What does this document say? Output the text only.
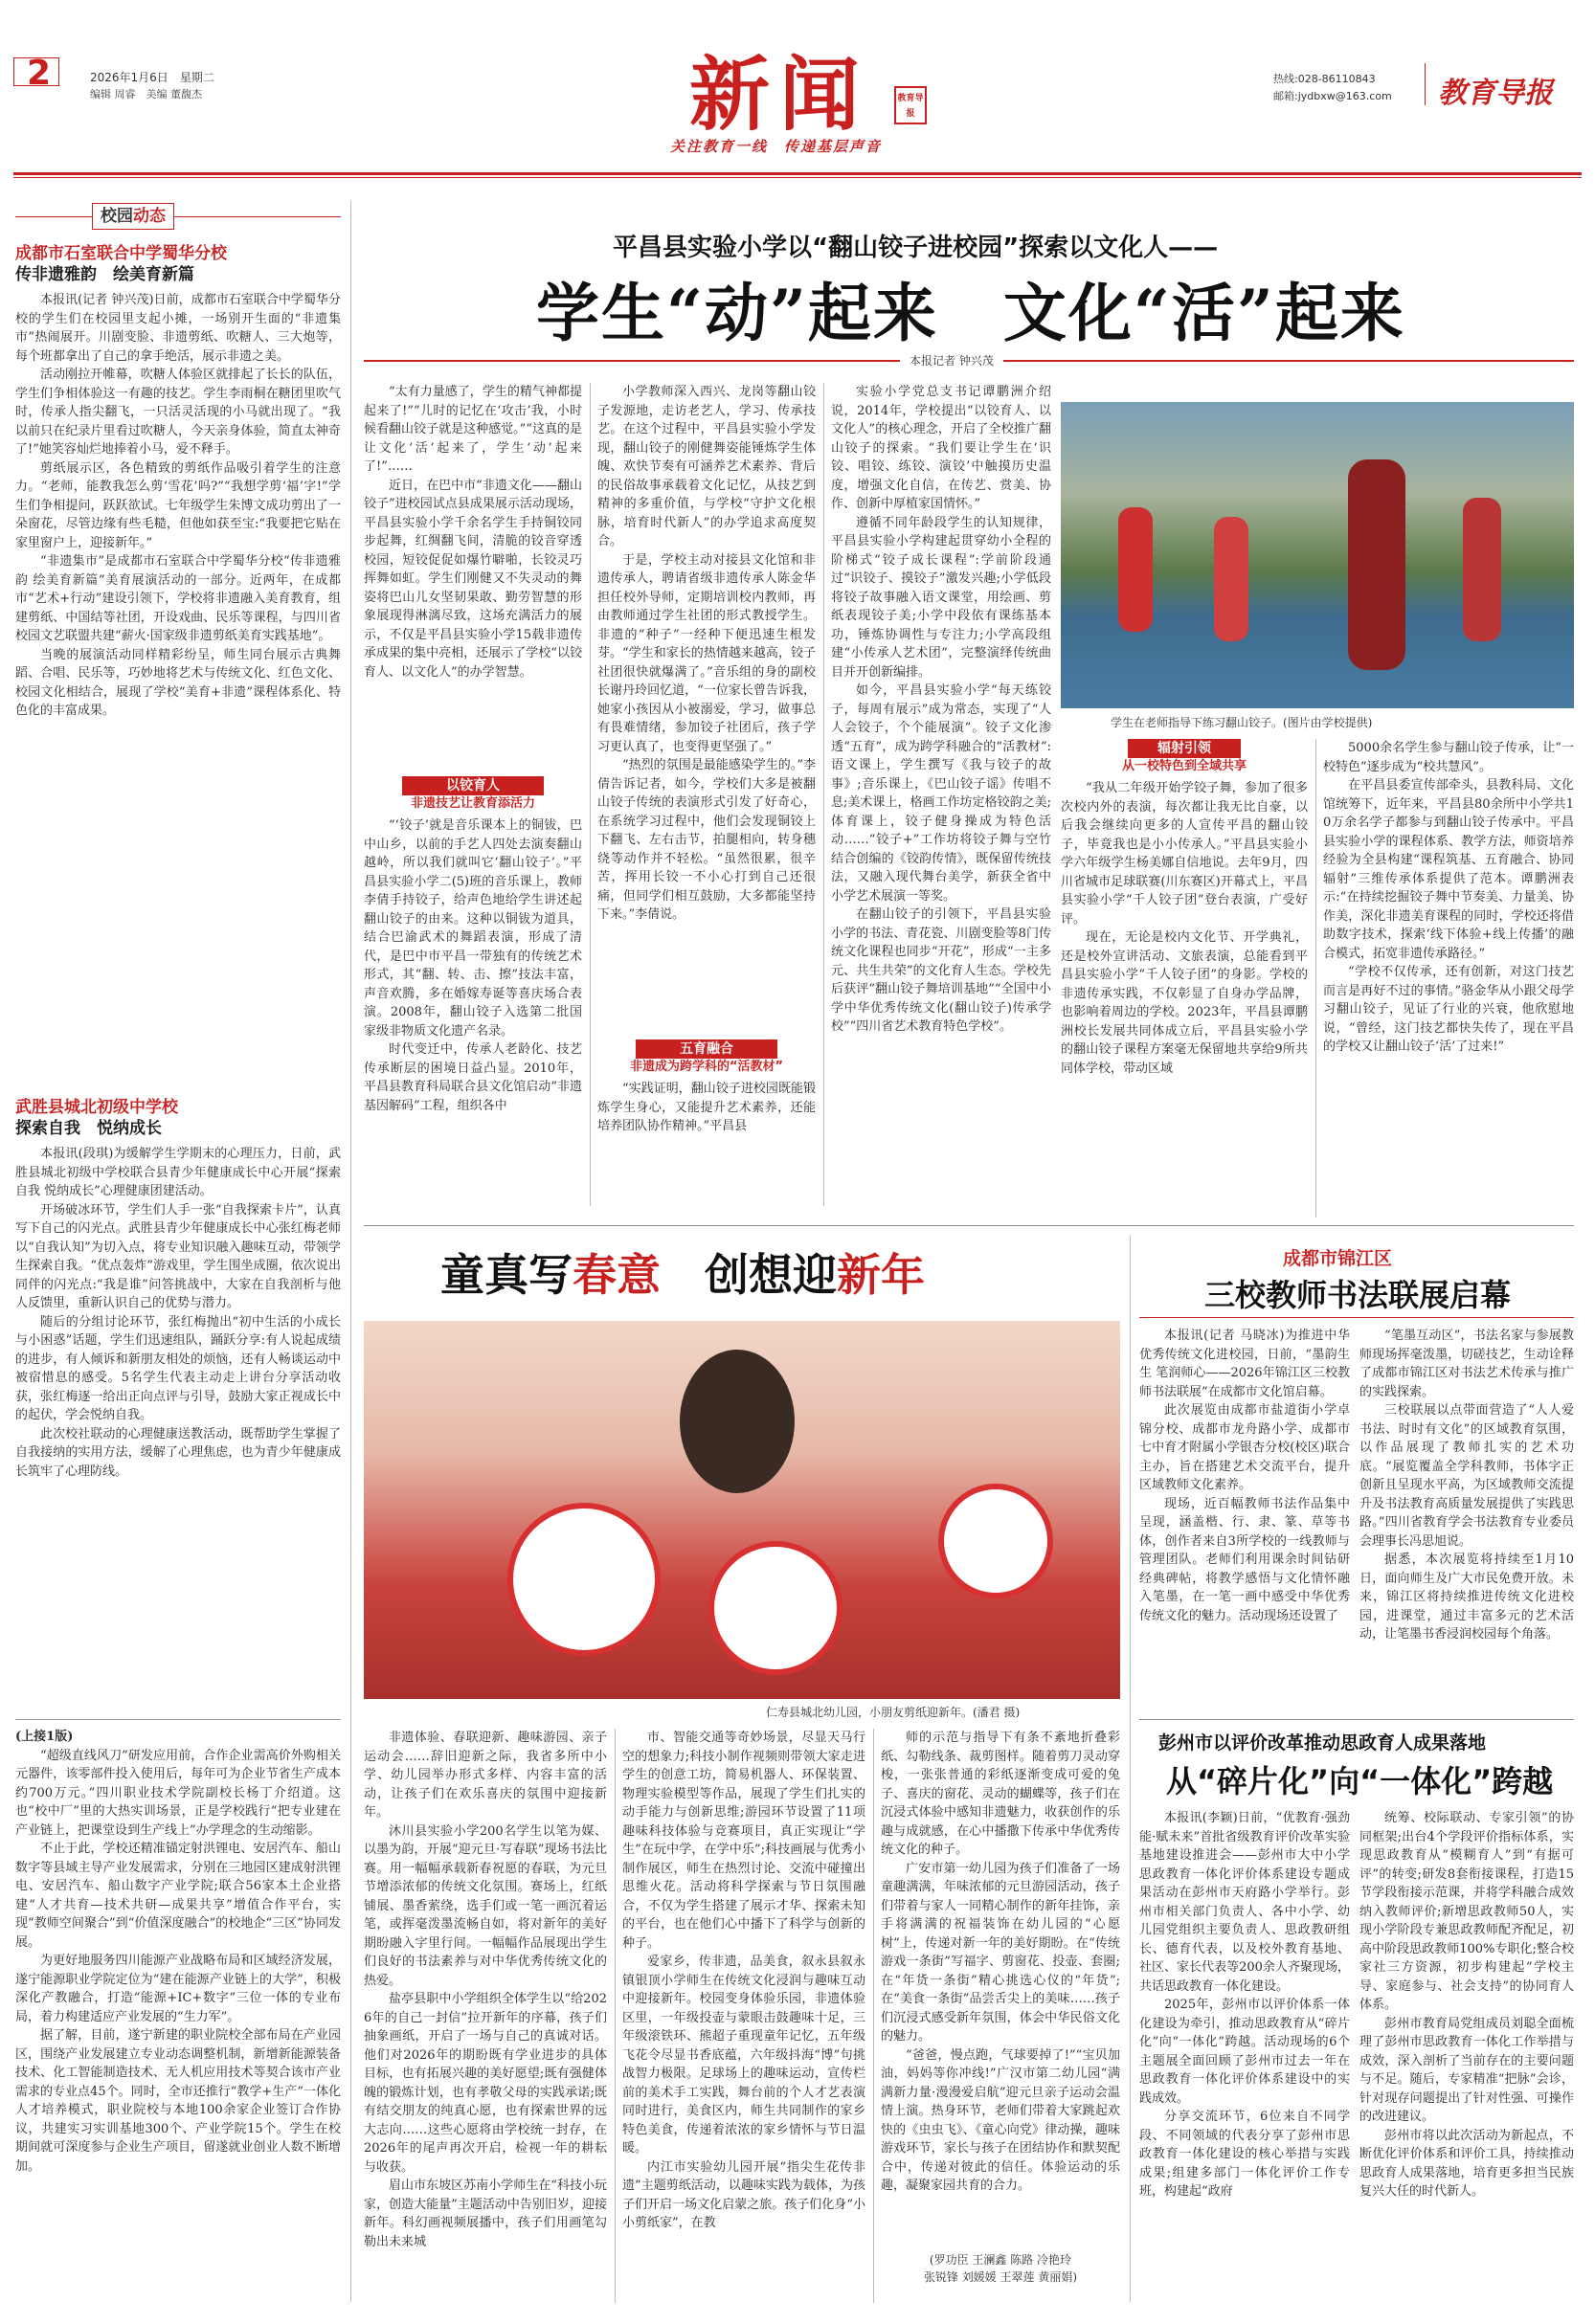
2	2026年1月6日　 星期二
编辑 周睿　 美编 董馥杰	新闻	教育导报
关注教育一线　传递基层声音
热线:028-86110843
邮箱:jydbxw@163.com 教育导报
校园动态
成都市石室联合中学蜀华分校
传非遗雅韵　绘美育新篇

本报讯(记者 钟兴茂)日前，成都市石室联合中学蜀华分校的学生们在校园里支起小摊，一场别开生面的“非遗集市”热闹展开。川剧变脸、非遗剪纸、吹糖人、三大炮等，每个班都拿出了自己的拿手绝活，展示非遗之美。

活动刚拉开帷幕，吹糖人体验区就排起了长长的队伍，学生们争相体验这一有趣的技艺。学生李雨桐在糖团里吹气时，传承人指尖翻飞，一只活灵活现的小马就出现了。“我以前只在纪录片里看过吹糖人，今天亲身体验，简直太神奇了!”她笑容灿烂地捧着小马，爱不释手。

剪纸展示区，各色精致的剪纸作品吸引着学生的注意力。“老师，能教我怎么剪‘雪花’吗?”“我想学剪‘福’字!”学生们争相提问，跃跃欲试。七年级学生朱博文成功剪出了一朵窗花，尽管边缘有些毛糙，但他如获至宝:“我要把它贴在家里窗户上，迎接新年。”

“非遗集市”是成都市石室联合中学蜀华分校“传非遗雅韵 绘美育新篇”美育展演活动的一部分。近两年，在成都市“艺术+行动”建设引领下，学校将非遗融入美育教育，组建剪纸、中国结等社团，开设戏曲、民乐等课程，与四川省校园文艺联盟共建“薪火·国家级非遗剪纸美育实践基地”。

当晚的展演活动同样精彩纷呈，师生同台展示古典舞蹈、合唱、民乐等，巧妙地将艺术与传统文化、红色文化、校园文化相结合，展现了学校“美育+非遗”课程体系化、特色化的丰富成果。

武胜县城北初级中学校
探索自我　悦纳成长

本报讯(段琪)为缓解学生学期末的心理压力，日前，武胜县城北初级中学校联合县青少年健康成长中心开展“探索自我 悦纳成长”心理健康团建活动。

开场破冰环节，学生们人手一张“自我探索卡片”，认真写下自己的闪光点。武胜县青少年健康成长中心张红梅老师以“自我认知”为切入点，将专业知识融入趣味互动，带领学生探索自我。“优点轰炸”游戏里，学生围坐成圈，依次说出同伴的闪光点:“我是谁”问答挑战中，大家在自我剖析与他人反馈里，重新认识自己的优势与潜力。

随后的分组讨论环节，张红梅抛出“初中生活的小成长与小困惑”话题，学生们迅速组队，踊跃分享:有人说起成绩的进步，有人倾诉和新朋友相处的烦恼，还有人畅谈运动中被宿惜息的感受。5名学生代表主动走上讲台分享活动收获，张红梅逐一给出正向点评与引导，鼓励大家正视成长中的起伏，学会悦纳自我。

此次校社联动的心理健康送教活动，既帮助学生掌握了自我接纳的实用方法，缓解了心理焦虑，也为青少年健康成长筑牢了心理防线。

(上接1版)

“超级直线风刀”研发应用前，合作企业需高价外购相关元器件，该零部件投入使用后，每年可为企业节省生产成本约700万元。”四川职业技术学院副校长杨丁介绍道。这也“校中厂”里的大热实训场景，正是学校践行“把专业建在产业链上，把课堂设到生产线上”办学理念的生动缩影。

不止于此，学校还精准锚定射洪锂电、安居汽车、船山数字等县域主导产业发展需求，分别在三地园区建成射洪锂电、安居汽车、船山数字产业学院;联合56家本土企业搭建“人才共育—技术共研—成果共享”增值合作平台，实现“教师空间聚合”到“价值深度融合”的校地企“三区”协同发展。

为更好地服务四川能源产业战略布局和区域经济发展，遂宁能源职业学院定位为“建在能源产业链上的大学”，积极深化产教融合，打造“能源+IC+数字”三位一体的专业布局，着力构建适应产业发展的“生力军”。

据了解，目前，遂宁新建的职业院校全部布局在产业园区，围绕产业发展建立专业动态调整机制，新增新能源装备技术、化工智能制造技术、无人机应用技术等契合该市产业需求的专业点45个。同时，全市还推行“教学+生产”一体化人才培养模式，职业院校与本地100余家企业签订合作协议，共建实习实训基地300个、产业学院15个。学生在校期间就可深度参与企业生产项目，留遂就业创业人数不断增加。

平昌县实验小学以“翻山铰子进校园”探索以文化人——
学生“动”起来　文化“活”起来
本报记者 钟兴茂

“太有力量感了，学生的精气神都提起来了!”“儿时的记忆在‘攻击’我，小时候看翻山铰子就是这种感觉。”“这真的是让文化‘活’起来了，学生‘动’起来了!”……

近日，在巴中市“非遗文化——翻山铰子”进校园试点县成果展示活动现场，平昌县实验小学千余名学生手持铜铰同步起舞，红绸翻飞间，清脆的铰音穿透校园，短铰促促如爆竹噼啪，长铰灵巧挥舞如虹。学生们刚健又不失灵动的舞姿将巴山儿女坚韧果敢、勤劳智慧的形象展现得淋漓尽致，这场充满活力的展示，不仅是平昌县实验小学15载非遗传承成果的集中亮相，还展示了学校“以铰育人、以文化人”的办学智慧。

以铰育人
非遗技艺让教育添活力

“‘铰子’就是音乐课本上的铜钹，巴中山乡，以前的手艺人四处去演奏翻山越岭，所以我们就叫它‘翻山铰子’。”平昌县实验小学二(5)班的音乐课上，教师李倩手持铰子，给声色地给学生讲述起翻山铰子的由来。这种以铜钹为道具，结合巴渝武术的舞蹈表演，形成了清代，是巴中市平昌一带独有的传统艺术形式，其“翻、转、击、擦”技法丰富，声音欢腾，多在婚嫁寿诞等喜庆场合表演。2008年，翻山铰子入选第二批国家级非物质文化遗产名录。

时代变迁中，传承人老龄化、技艺传承断层的困境日益凸显。2010年，平昌县教育科局联合县文化馆启动“非遗基因解码”工程，组织各中

小学教师深入西兴、龙岗等翻山铰子发源地，走访老艺人，学习、传承技艺。在这个过程中，平昌县实验小学发现，翻山铰子的刚健舞姿能锤炼学生体魄、欢快节奏有可涵养艺术素养、背后的民俗故事承载着文化记忆，从技艺到精神的多重价值，与学校“守护文化根脉，培育时代新人”的办学追求高度契合。

于是，学校主动对接县文化馆和非遗传承人，聘请省级非遗传承人陈金华担任校外导师，定期培训校内教师，再由教师通过学生社团的形式教授学生。非遗的“种子”一经种下便迅速生根发芽。“学生和家长的热情越来越高，铰子社团很快就爆满了。”音乐组的身的副校长谢丹玲回忆道，“一位家长曾告诉我，她家小孩因从小被溺爱，学习，做事总有畏难情绪，参加铰子社团后，孩子学习更认真了，也变得更坚强了。”

“热烈的氛围是最能感染学生的。”李倩告诉记者，如今，学校们大多是被翻山铰子传统的表演形式引发了好奇心，在系统学习过程中，他们会发现铜铰上下翻飞、左右击节，拍腿相向，转身穗绕等动作并不轻松。“虽然很累，很辛苦，挥用长铰一不小心打到自己还很痛，但同学们相互鼓励，大多都能坚持下来。”李倩说。

五育融合
非遗成为跨学科的“活教材”

“实践证明，翻山铰子进校园既能锻炼学生身心，又能提升艺术素养，还能培养团队协作精神。”平昌县

实验小学党总支书记谭鹏洲介绍说，2014年，学校提出“以铰育人、以文化人”的核心理念，开启了全校推广翻山铰子的探索。“我们要让学生在‘识铰、唱铰、练铰、演铰’中触摸历史温度，增强文化自信，在传艺、赏美、协作、创新中厚植家国情怀。”

遵循不同年龄段学生的认知规律，平昌县实验小学构建起贯穿幼小全程的阶梯式“铰子成长课程”:学前阶段通过“识铰子、摸铰子”激发兴趣;小学低段将铰子故事融入语文课堂，用绘画、剪纸表现铰子美;小学中段依有课练基本功，锤炼协调性与专注力;小学高段组建“小传承人艺术团”，完整演绎传统曲目并开创新编排。

如今，平昌县实验小学“每天练铰子，每周有展示”成为常态，实现了“人人会铰子，个个能展演”。铰子文化渗透“五育”，成为跨学科融合的“活教材”:语文课上，学生撰写《我与铰子的故事》;音乐课上，《巴山铰子谣》传唱不息;美术课上，格画工作坊定格铰韵之美;体育课上，铰子健身操成为特色活动……“铰子+”工作坊将铰子舞与空竹结合创编的《铰韵传情》，既保留传统技法，又融入现代舞台美学，新获全省中小学艺术展演一等奖。

在翻山铰子的引领下，平昌县实验小学的书法、青花瓷、川剧变脸等8门传统文化课程也同步“开花”，形成“一主多元、共生共荣”的文化育人生态。学校先后获评“翻山铰子舞培训基地”“全国中小学中华优秀传统文化(翻山铰子)传承学校”“四川省艺术教育特色学校”。

学生在老师指导下练习翻山铰子。(图片由学校提供)
辐射引领
从一校特色到全域共享

“我从二年级开始学铰子舞，参加了很多次校内外的表演，每次都让我无比自豪，以后我会继续向更多的人宣传平昌的翻山铰子，毕竟我也是小小传承人。”平昌县实验小学六年级学生杨美娜自信地说。去年9月，四川省城市足球联赛(川东赛区)开幕式上，平昌县实验小学“千人铰子团”登台表演，广受好评。

现在，无论是校内文化节、开学典礼，还是校外宣讲活动、文旅表演，总能看到平昌县实验小学“千人铰子团”的身影。学校的非遗传承实践，不仅彰显了自身办学品牌，也影响着周边的学校。2023年，平昌县谭鹏洲校长发展共同体成立后，平昌县实验小学的翻山铰子课程方案毫无保留地共享给9所共同体学校，带动区域

5000余名学生参与翻山铰子传承，让“一校特色”逐步成为“校共慧风”。

在平昌县委宣传部牵头，县教科局、文化馆统筹下，近年来，平昌县80余所中小学共10万余名学子都参与到翻山铰子传承中。平昌县实验小学的课程体系、教学方法，师资培养经验为全县构建“课程筑基、五育融合、协同辐射”三维传承体系提供了范本。谭鹏洲表示:“在持续挖掘铰子舞中节奏美、力量美、协作美，深化非遗美育课程的同时，学校还将借助数字技术，探索‘线下体验+线上传播’的融合模式，拓宽非遗传承路径。”

“学校不仅传承，还有创新，对这门技艺而言是再好不过的事情。”骆金华从小跟父母学习翻山铰子，见证了行业的兴衰，他欣慰地说，“曾经，这门技艺都快失传了，现在平昌的学校又让翻山铰子‘活’了过来!”

童真写春意　创想迎新年
仁寿县城北幼儿园，小朋友剪纸迎新年。(潘君 摄)

非遗体验、春联迎新、趣味游园、亲子运动会……辞旧迎新之际，我省多所中小学、幼儿园举办形式多样、内容丰富的活动，让孩子们在欢乐喜庆的氛围中迎接新年。

沐川县实验小学200名学生以笔为媒、以墨为韵，开展“迎元旦·写春联”现场书法比赛。用一幅幅承载新春祝愿的春联，为元旦节增添浓郁的传统文化氛围。赛场上，红纸铺展、墨香萦绕，选手们或一笔一画沉着运笔，或挥毫泼墨流畅自如，将对新年的美好期盼融入字里行间。一幅幅作品展现出学生们良好的书法素养与对中华优秀传统文化的热爱。

盐亭县职中小学组织全体学生以“给2026年的自己一封信”拉开新年的序幕，孩子们抽象画纸，开启了一场与自己的真诚对话。他们对2026年的期盼既有学业进步的具体目标，也有拓展兴趣的美好愿望;既有强健体魄的锻炼计划，也有孝敬父母的实践承诺;既有结交朋友的纯真心愿，也有探索世界的远大志向……这些心愿将由学校统一封存，在2026年的尾声再次开启，检视一年的耕耘与收获。

眉山市东坡区苏南小学师生在“科技小玩家，创造大能量”主题活动中告别旧岁，迎接新年。科幻画视频展播中，孩子们用画笔勾勒出未来城

市、智能交通等奇妙场景，尽显天马行空的想象力;科技小制作视频则带领大家走进学生的创意工坊，简易机器人、环保装置、物理实验模型等作品，展现了学生们扎实的动手能力与创新思维;游园环节设置了11项趣味科技体验与竞赛项目，真正实现让“学生”在玩中学，在学中乐”;科技画展与优秀小制作展区，师生在热烈讨论、交流中碰撞出思维火花。活动将科学探索与节日氛围融合，不仅为学生搭建了展示才华、探索未知的平台，也在他们心中播下了科学与创新的种子。

爱家乡，传非遗，品美食，叙永县叙永镇银顶小学师生在传统文化浸润与趣味互动中迎接新年。校园变身体验乐园，非遗体验区里，一年级投壶与蒙眼击鼓趣味十足，三年级滚铁环、熊超子重现童年记忆，五年级飞花令尽显书香底蕴，六年级抖海“博”句挑战智力极限。足球场上的趣味运动，宣传栏前的美术手工实践，舞台前的个人才艺表演同时进行，美食区内，师生共同制作的家乡特色美食，传递着浓浓的家乡情怀与节日温暖。

内江市实验幼儿园开展“指尖生花传非遗”主题剪纸活动，以趣味实践为载体，为孩子们开启一场文化启蒙之旅。孩子们化身“小小剪纸家”，在教

师的示范与指导下有条不紊地折叠彩纸、勾勒线条、裁剪图样。随着剪刀灵动穿梭，一张张普通的彩纸逐渐变成可爱的兔子、喜庆的窗花、灵动的蝴蝶等，孩子们在沉浸式体验中感知非遗魅力，收获创作的乐趣与成就感，在心中播撒下传承中华优秀传统文化的种子。

广安市第一幼儿园为孩子们准备了一场童趣满满，年味浓郁的元旦游园活动，孩子们带着与家人一同精心制作的新年挂饰，亲手将满满的祝福装饰在幼儿园的“心愿树”上，传递对新一年的美好期盼。在“传统游戏一条街”写福字、剪窗花、投壶、套圈;在“年货一条街”精心挑选心仪的“年货”;在“美食一条街”品尝舌尖上的美味……孩子们沉浸式感受新年氛围，体会中华民俗文化的魅力。

“爸爸，慢点跑，气球要掉了!”“宝贝加油，妈妈等你冲线!”广汉市第二幼儿园“满满新力量·漫漫爱启航”迎元旦亲子运动会温情上演。热身环节，老师们带着大家跳起欢快的《虫虫飞》、《童心向党》律动操，趣味游戏环节，家长与孩子在团结协作和默契配合中，传递对彼此的信任。体验运动的乐趣，凝聚家园共育的合力。

(罗功臣 王澜鑫 陈路 冷艳玲
张锐锋 刘媛媛 王翠莲 黄丽娟)
成都市锦江区
三校教师书法联展启幕

本报讯(记者 马晓冰)为推进中华优秀传统文化进校园，日前，“墨韵生生 笔润师心——2026年锦江区三校教师书法联展”在成都市文化馆启幕。

此次展览由成都市盐道街小学卓锦分校、成都市龙舟路小学、成都市七中育才附属小学银杏分校(校区)联合主办，旨在搭建艺术交流平台，提升区域教师文化素养。

现场，近百幅教师书法作品集中呈现，涵盖楷、行、隶、篆、草等书体，创作者来自3所学校的一线教师与管理团队。老师们利用课余时间钻研经典碑帖，将教学感悟与文化情怀融入笔墨，在一笔一画中感受中华优秀传统文化的魅力。活动现场还设置了

“笔墨互动区”，书法名家与参展教师现场挥毫泼墨，切磋技艺，生动诠释了成都市锦江区对书法艺术传承与推广的实践探索。

三校联展以点带面营造了“人人爱书法、时时有文化”的区域教育氛围，以作品展现了教师扎实的艺术功底。“展览覆盖全学科教师，书体字正创新且呈现水平高，为区域教师交流提升及书法教育高质量发展提供了实践思路。”四川省教育学会书法教育专业委员会理事长冯思旭说。

据悉，本次展览将持续至1月10日，面向师生及广大市民免费开放。未来，锦江区将持续推进传统文化进校园，进课堂，通过丰富多元的艺术活动，让笔墨书香浸润校园每个角落。

彭州市以评价改革推动思政育人成果落地
从“碎片化”向“一体化”跨越

本报讯(李颖)日前，“优教育·强劲能·赋未来”首批省级教育评价改革实验基地建设推进会——彭州市大中小学思政教育一体化评价体系建设专题成果活动在彭州市天府路小学举行。彭州市相关部门负责人、各中小学、幼儿园党组织主要负责人、思政教研组长、德育代表，以及校外教育基地、社区、家长代表等200余人齐聚现场，共话思政教育一体化建设。

2025年，彭州市以评价体系一体化建设为牵引，推动思政教育从“碎片化”向“一体化”跨越。活动现场的6个主题展全面回顾了彭州市过去一年在思政教育一体化评价体系建设中的实践成效。

分享交流环节，6位来自不同学段、不同领域的代表分享了彭州市思政教育一体化建设的核心举措与实践成果;组建多部门一体化评价工作专班，构建起“政府

统筹、校际联动、专家引领”的协同框架;出台4个学段评价指标体系，实现思政教育从“模糊育人”到“有据可评”的转变;研发8套衔接课程，打造15节学段衔接示范课，并将学科融合成效纳入教师评价;新增思政教师50人，实现小学阶段专兼思政教师配齐配足，初高中阶段思政教师100%专职化;整合校家社三方资源，初步构建起“学校主导、家庭参与、社会支持”的协同育人体系。

彭州市教育局党组成员刘聪全面梳理了彭州市思政教育一体化工作举措与成效，深入剖析了当前存在的主要问题与不足。随后，专家精准“把脉”会诊，针对现存问题提出了针对性强、可操作的改进建议。

彭州市将以此次活动为新起点，不断优化评价体系和评价工具，持续推动思政育人成果落地，培育更多担当民族复兴大任的时代新人。
